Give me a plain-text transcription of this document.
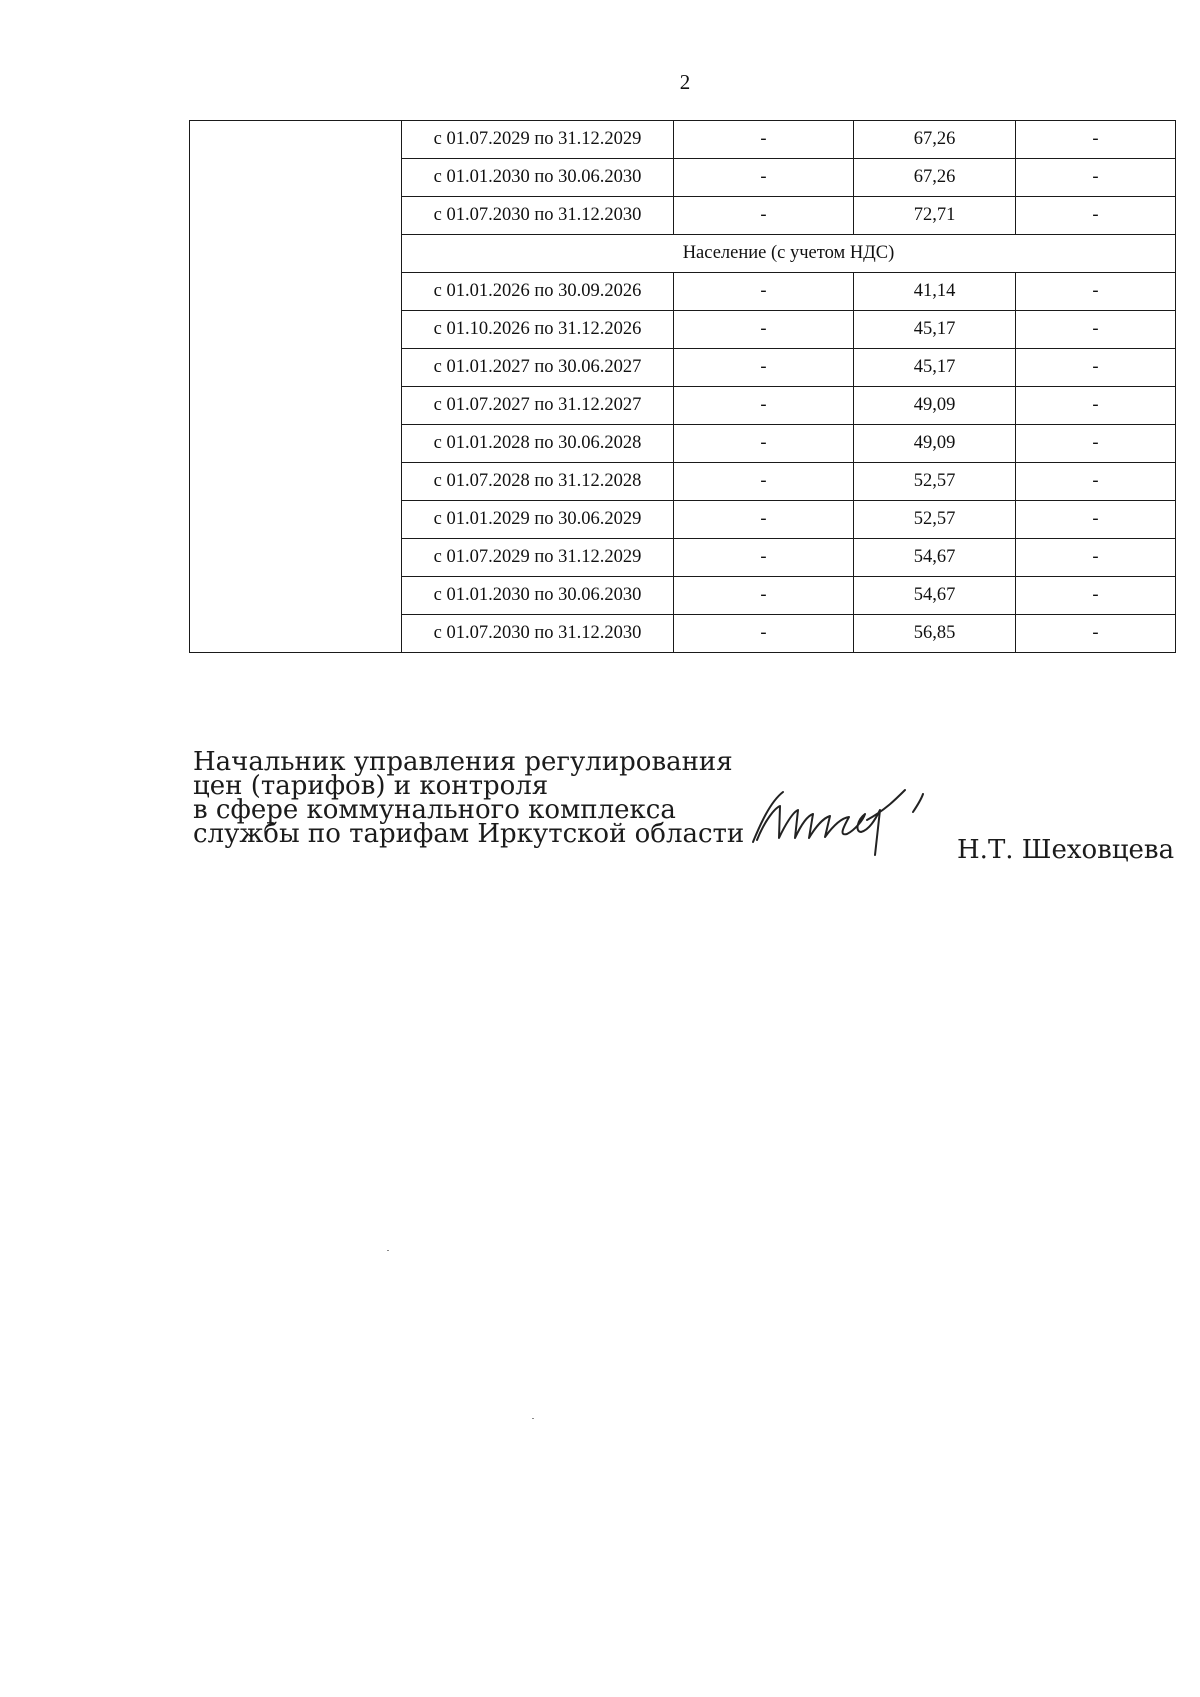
2
	с 01.07.2029 по 31.12.2029	-	67,26	-
	с 01.01.2030 по 30.06.2030	-	67,26	-
	с 01.07.2030 по 31.12.2030	-	72,71	-
	Население (с учетом НДС)			
	с 01.01.2026 по 30.09.2026	-	41,14	-
	с 01.10.2026 по 31.12.2026	-	45,17	-
	с 01.01.2027 по 30.06.2027	-	45,17	-
	с 01.07.2027 по 31.12.2027	-	49,09	-
	с 01.01.2028 по 30.06.2028	-	49,09	-
	с 01.07.2028 по 31.12.2028	-	52,57	-
	с 01.01.2029 по 30.06.2029	-	52,57	-
	с 01.07.2029 по 31.12.2029	-	54,67	-
	с 01.01.2030 по 30.06.2030	-	54,67	-
	с 01.07.2030 по 31.12.2030	-	56,85	-
Начальник управления регулирования
цен (тарифов) и контроля
в сфере коммунального комплекса
службы по тарифам Иркутской области
Н.Т. Шеховцева
